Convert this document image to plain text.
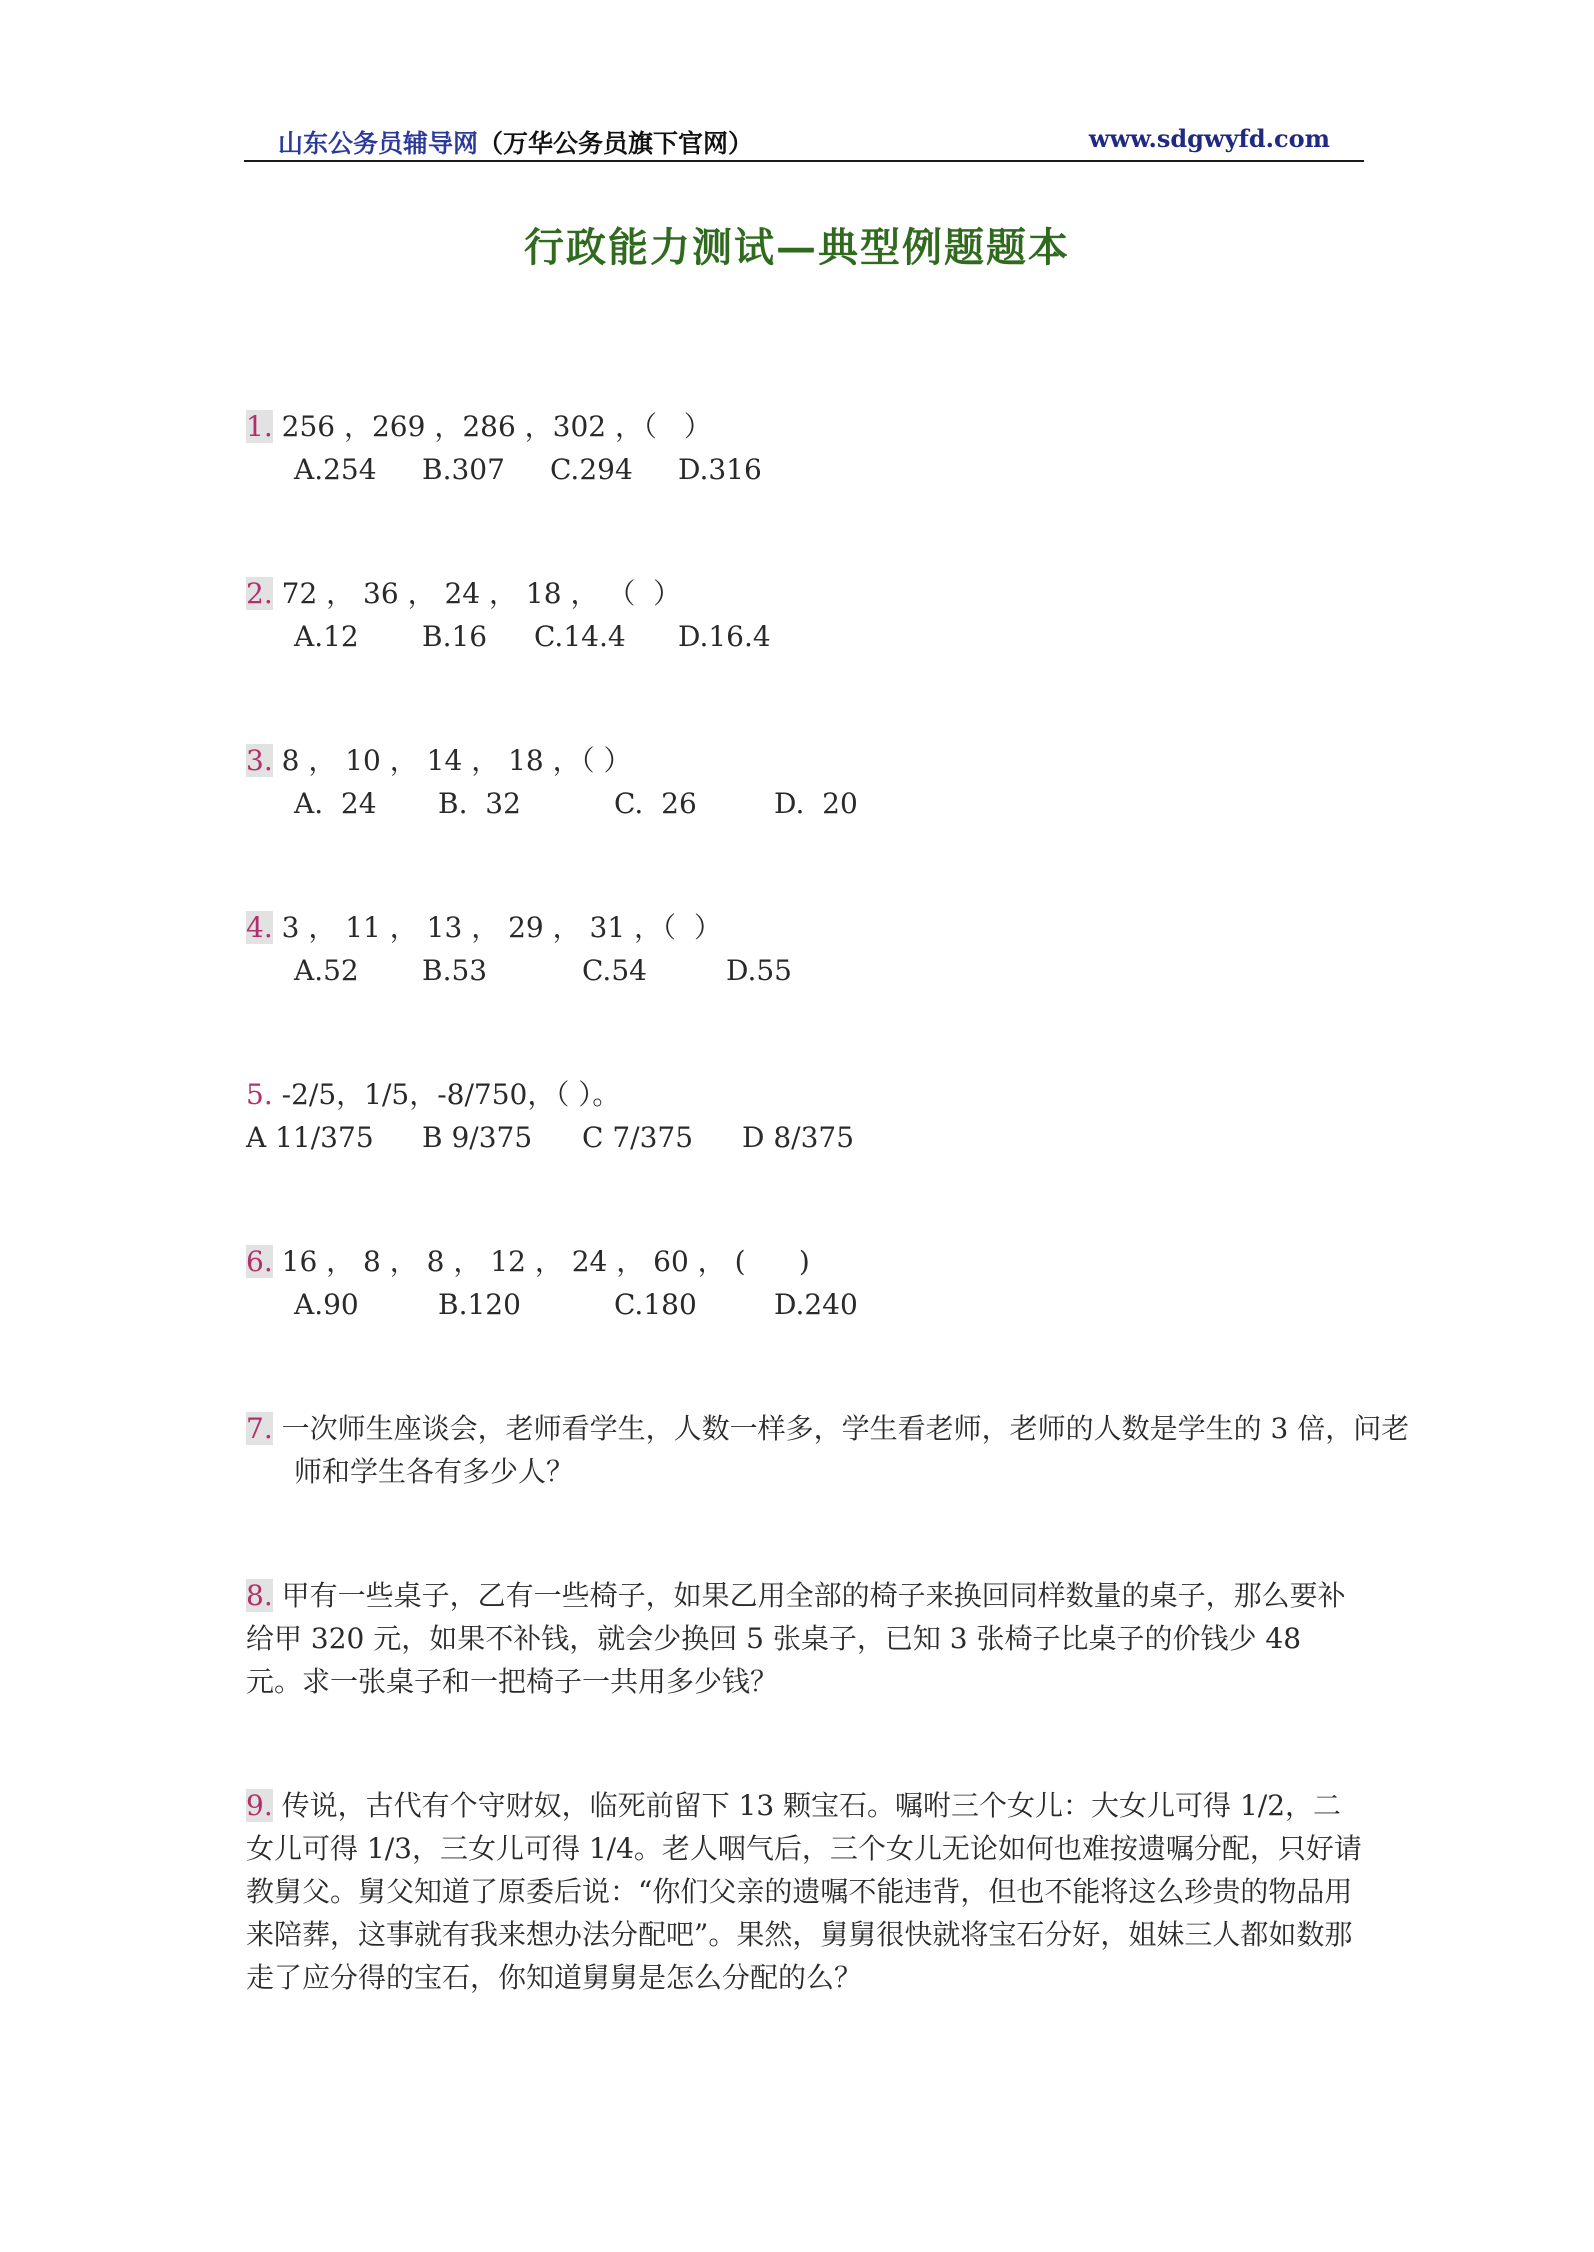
山东公务员辅导网（万华公务员旗下官网）	www.sdgwyfd.com
行政能力测试—典型例题题本
1. 256 ，269 ，286 ，302 ，（   ）
A.254 B.307 C.294 D.316
2. 72 ， 36 ， 24 ， 18 ， （  ）
A.12 B.16 C.14.4 D.16.4
3. 8 ， 10 ， 14 ， 18 ，（ ）
A.  24 B.  32	C.  26	D.  20
4. 3 ， 11 ， 13 ， 29 ， 31 ，（  ）
A.52 B.53	C.54	D.55
5. -2/5，1/5，-8/750，（ ）。
A 11/375 B 9/375 C 7/375 D 8/375
6. 16 ， 8 ， 8 ， 12 ， 24 ， 60 ， (      )
A.90	B.120	C.180	D.240
7. 一次师生座谈会，老师看学生，人数一样多，学生看老师，老师的人数是学生的 3 倍，问老师和学生各有多少人？
8. 甲有一些桌子，乙有一些椅子，如果乙用全部的椅子来换回同样数量的桌子，那么要补给甲 320 元，如果不补钱，就会少换回 5 张桌子，已知 3 张椅子比桌子的价钱少 48 元。求一张桌子和一把椅子一共用多少钱？
9. 传说，古代有个守财奴，临死前留下 13 颗宝石。嘱咐三个女儿：大女儿可得 1/2，二女儿可得 1/3，三女儿可得 1/4。老人咽气后，三个女儿无论如何也难按遗嘱分配，只好请教舅父。舅父知道了原委后说：“你们父亲的遗嘱不能违背，但也不能将这么珍贵的物品用来陪葬，这事就有我来想办法分配吧”。果然，舅舅很快就将宝石分好，姐妹三人都如数那走了应分得的宝石，你知道舅舅是怎么分配的么？
